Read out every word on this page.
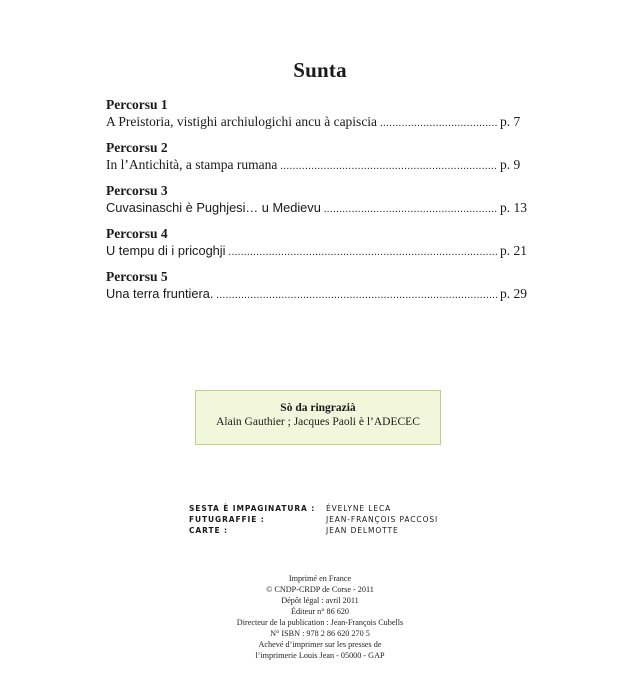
Sunta
Percorsu 1
A Preistoria, vistighi archiulogichi ancu à capiscia .....	p. 7
Percorsu 2
In l’Antichità, a stampa rumana .....	p. 9
Percorsu 3
Cuvasinaschi è Pughjesi… u Medievu .....	p. 13
Percorsu 4
U tempu di i pricoghji .....	p. 21
Percorsu 5
Una terra fruntiera. .....	p. 29
Sò da ringrazià
Alain Gauthier ; Jacques Paoli è l’ADECEC
SESTA È IMPAGINATURA :	ÉVELYNE LECA
FUTUGRAFFIE :	JEAN-FRANÇOIS PACCOSI
CARTE :	JEAN DELMOTTE
Imprimé en France
© CNDP-CRDP de Corse - 2011
Dépôt légal : avril 2011
Éditeur n° 86 620
Directeur de la publication : Jean-François Cubells
N° ISBN : 978 2 86 620 270 5
Achevé d’imprimer sur les presses de
l’imprimerie Louis Jean - 05000 - GAP
